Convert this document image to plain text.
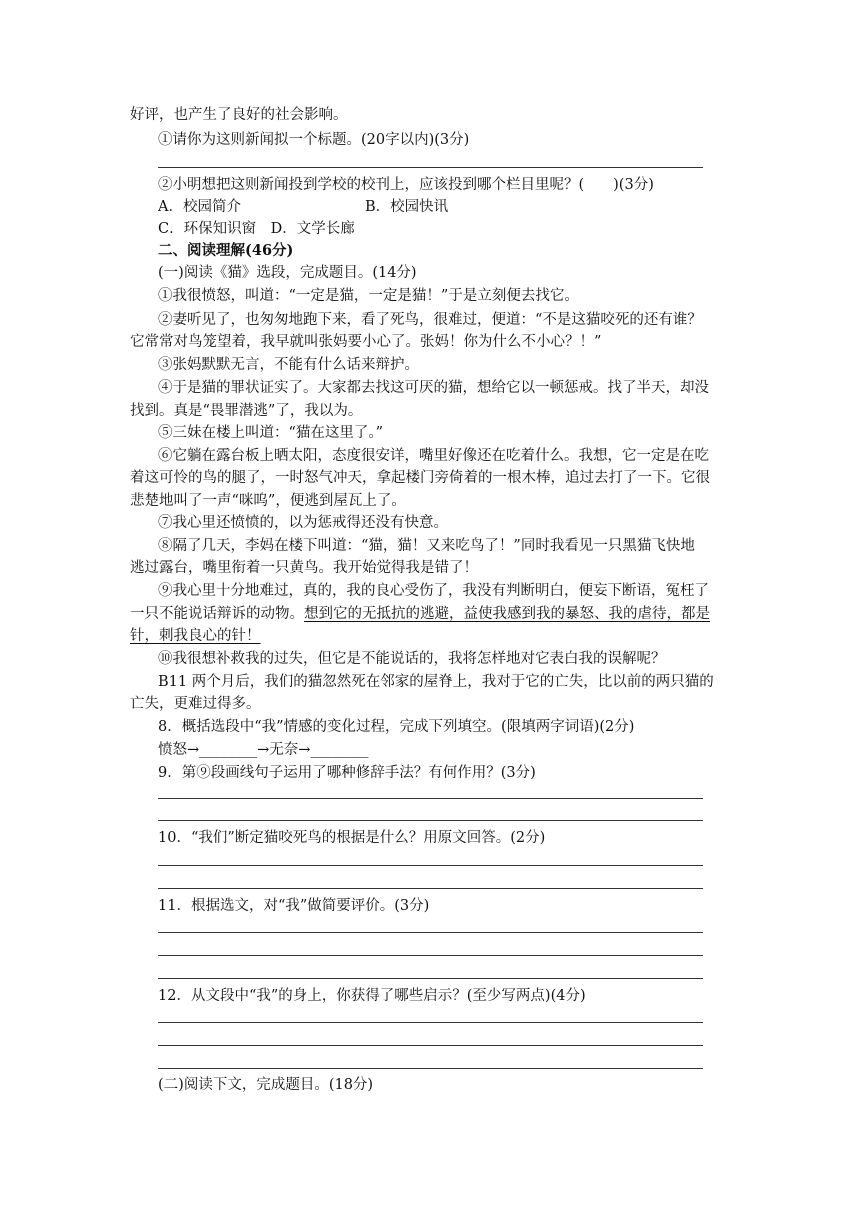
好评，也产生了良好的社会影响。
①请你为这则新闻拟一个标题。(20字以内)(3分)
②小明想把这则新闻投到学校的校刊上，应该投到哪个栏目里呢？(　　)(3分)
A．校园简介	B．校园快讯
C．环保知识窗　 D．文学长廊
二、阅读理解(46分)
(一)阅读《猫》选段，完成题目。(14分)
①我很愤怒，叫道：“一定是猫，一定是猫！”于是立刻便去找它。
②妻听见了，也匆匆地跑下来，看了死鸟，很难过，便道：“不是这猫咬死的还有谁？
它常常对鸟笼望着，我早就叫张妈要小心了。张妈！你为什么不小心？！”
③张妈默默无言，不能有什么话来辩护。
④于是猫的罪状证实了。大家都去找这可厌的猫，想给它以一顿惩戒。找了半天，却没
找到。真是“畏罪潜逃”了，我以为。
⑤三妹在楼上叫道：“猫在这里了。”
⑥它躺在露台板上晒太阳，态度很安详，嘴里好像还在吃着什么。我想，它一定是在吃
着这可怜的鸟的腿了，一时怒气冲天，拿起楼门旁倚着的一根木棒，追过去打了一下。它很
悲楚地叫了一声“咪呜”，便逃到屋瓦上了。
⑦我心里还愤愤的，以为惩戒得还没有快意。
⑧隔了几天，李妈在楼下叫道：“猫，猫！又来吃鸟了！”同时我看见一只黑猫飞快地
逃过露台，嘴里衔着一只黄鸟。我开始觉得我是错了！
⑨我心里十分地难过，真的，我的良心受伤了，我没有判断明白，便妄下断语，冤枉了
一只不能说话辩诉的动物。想到它的无抵抗的逃避，益使我感到我的暴怒、我的虐待，都是
针，刺我良心的针！
⑩我很想补救我的过失，但它是不能说话的，我将怎样地对它表白我的误解呢？
B11 两个月后，我们的猫忽然死在邻家的屋脊上，我对于它的亡失，比以前的两只猫的
亡失，更难过得多。
8．概括选段中“我”情感的变化过程，完成下列填空。(限填两字词语)(2分)
愤怒→________→无奈→________
9．第⑨段画线句子运用了哪种修辞手法？有何作用？(3分)
10．“我们”断定猫咬死鸟的根据是什么？用原文回答。(2分)
11．根据选文，对“我”做简要评价。(3分)
12．从文段中“我”的身上，你获得了哪些启示？(至少写两点)(4分)
(二)阅读下文，完成题目。(18分)
